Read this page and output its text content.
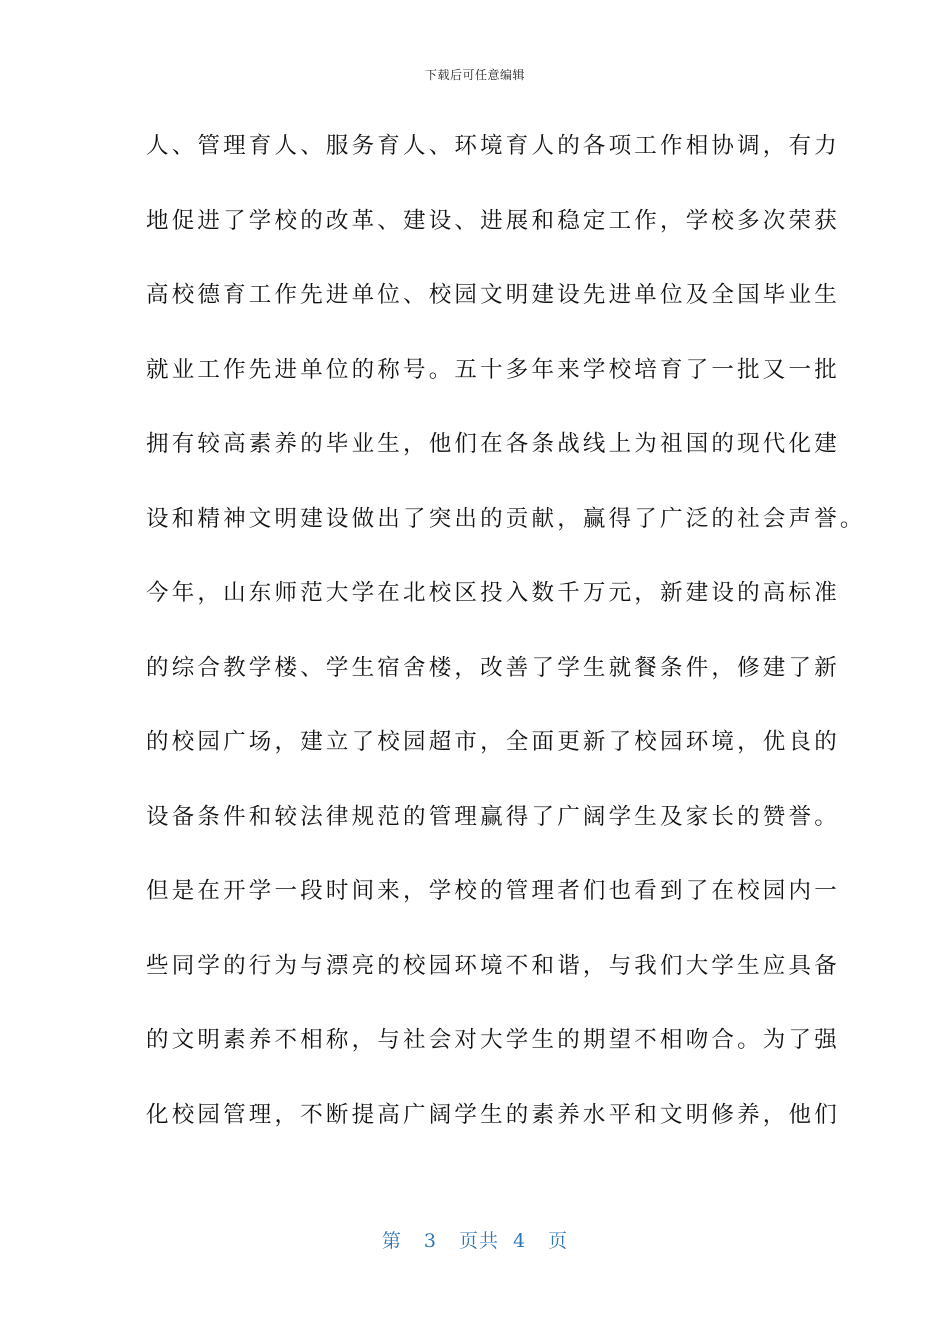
下载后可任意编辑
人、管理育人、服务育人、环境育人的各项工作相协调，有力
地促进了学校的改革、建设、进展和稳定工作，学校多次荣获
高校德育工作先进单位、校园文明建设先进单位及全国毕业生
就业工作先进单位的称号。五十多年来学校培育了一批又一批
拥有较高素养的毕业生，他们在各条战线上为祖国的现代化建
设和精神文明建设做出了突出的贡献，赢得了广泛的社会声誉。
今年，山东师范大学在北校区投入数千万元，新建设的高标准
的综合教学楼、学生宿舍楼，改善了学生就餐条件，修建了新
的校园广场，建立了校园超市，全面更新了校园环境，优良的
设备条件和较法律规范的管理赢得了广阔学生及家长的赞誉。
但是在开学一段时间来，学校的管理者们也看到了在校园内一
些同学的行为与漂亮的校园环境不和谐，与我们大学生应具备
的文明素养不相称，与社会对大学生的期望不相吻合。为了强
化校园管理，不断提高广阔学生的素养水平和文明修养，他们
第 3 页共 4 页
